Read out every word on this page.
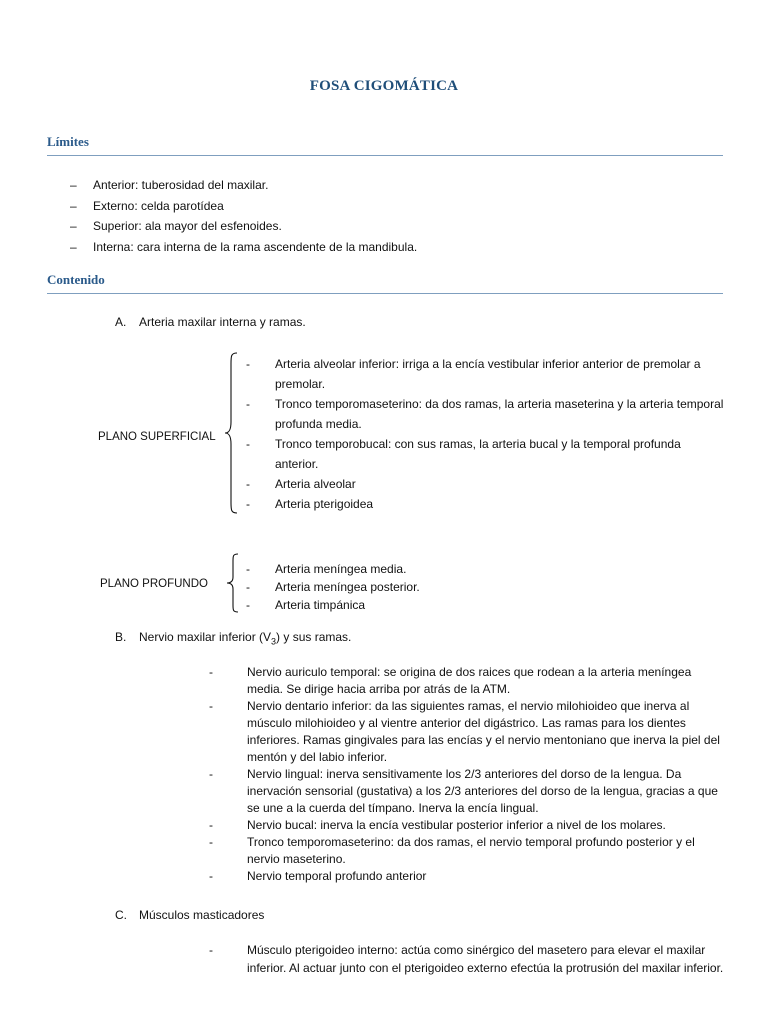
FOSA CIGOMÁTICA
Límites
– Anterior: tuberosidad del maxilar.
– Externo: celda parotídea
– Superior: ala mayor del esfenoides.
– Interna: cara interna de la rama ascendente de la mandibula.
Contenido
A. Arteria maxilar interna y ramas.
PLANO SUPERFICIAL
- Arteria alveolar inferior: irriga a la encía vestibular inferior anterior de premolar a premolar.
- Tronco temporomaseterino: da dos ramas, la arteria maseterina y la arteria temporal profunda media.
- Tronco temporobucal: con sus ramas, la arteria bucal y la temporal profunda anterior.
- Arteria alveolar
- Arteria pterigoidea
PLANO PROFUNDO
- Arteria meníngea media.
- Arteria meníngea posterior.
- Arteria timpánica
B. Nervio maxilar inferior $(V_3)$ y sus ramas.
-	Nervio auriculo temporal: se origina de dos raices que rodean a la arteria meníngea media. Se dirige hacia arriba por atrás de la ATM.
-	Nervio dentario inferior: da las siguientes ramas, el nervio milohioideo que inerva al músculo milohioideo y al vientre anterior del digástrico. Las ramas para los dientes inferiores. Ramas gingivales para las encías y el nervio mentoniano que inerva la piel del mentón y del labio inferior.
-	Nervio lingual: inerva sensitivamente los 2/3 anteriores del dorso de la lengua. Da inervación sensorial (gustativa) a los 2/3 anteriores del dorso de la lengua, gracias a que se une a la cuerda del tímpano. Inerva la encía lingual.
-	Nervio bucal: inerva la encía vestibular posterior inferior a nivel de los molares.
-	Tronco temporomaseterino: da dos ramas, el nervio temporal profundo posterior y el nervio maseterino.
-	Nervio temporal profundo anterior
C. Músculos masticadores
-	Músculo pterigoideo interno: actúa como sinérgico del masetero para elevar el maxilar inferior. Al actuar junto con el pterigoideo externo efectúa la protrusión del maxilar inferior.
